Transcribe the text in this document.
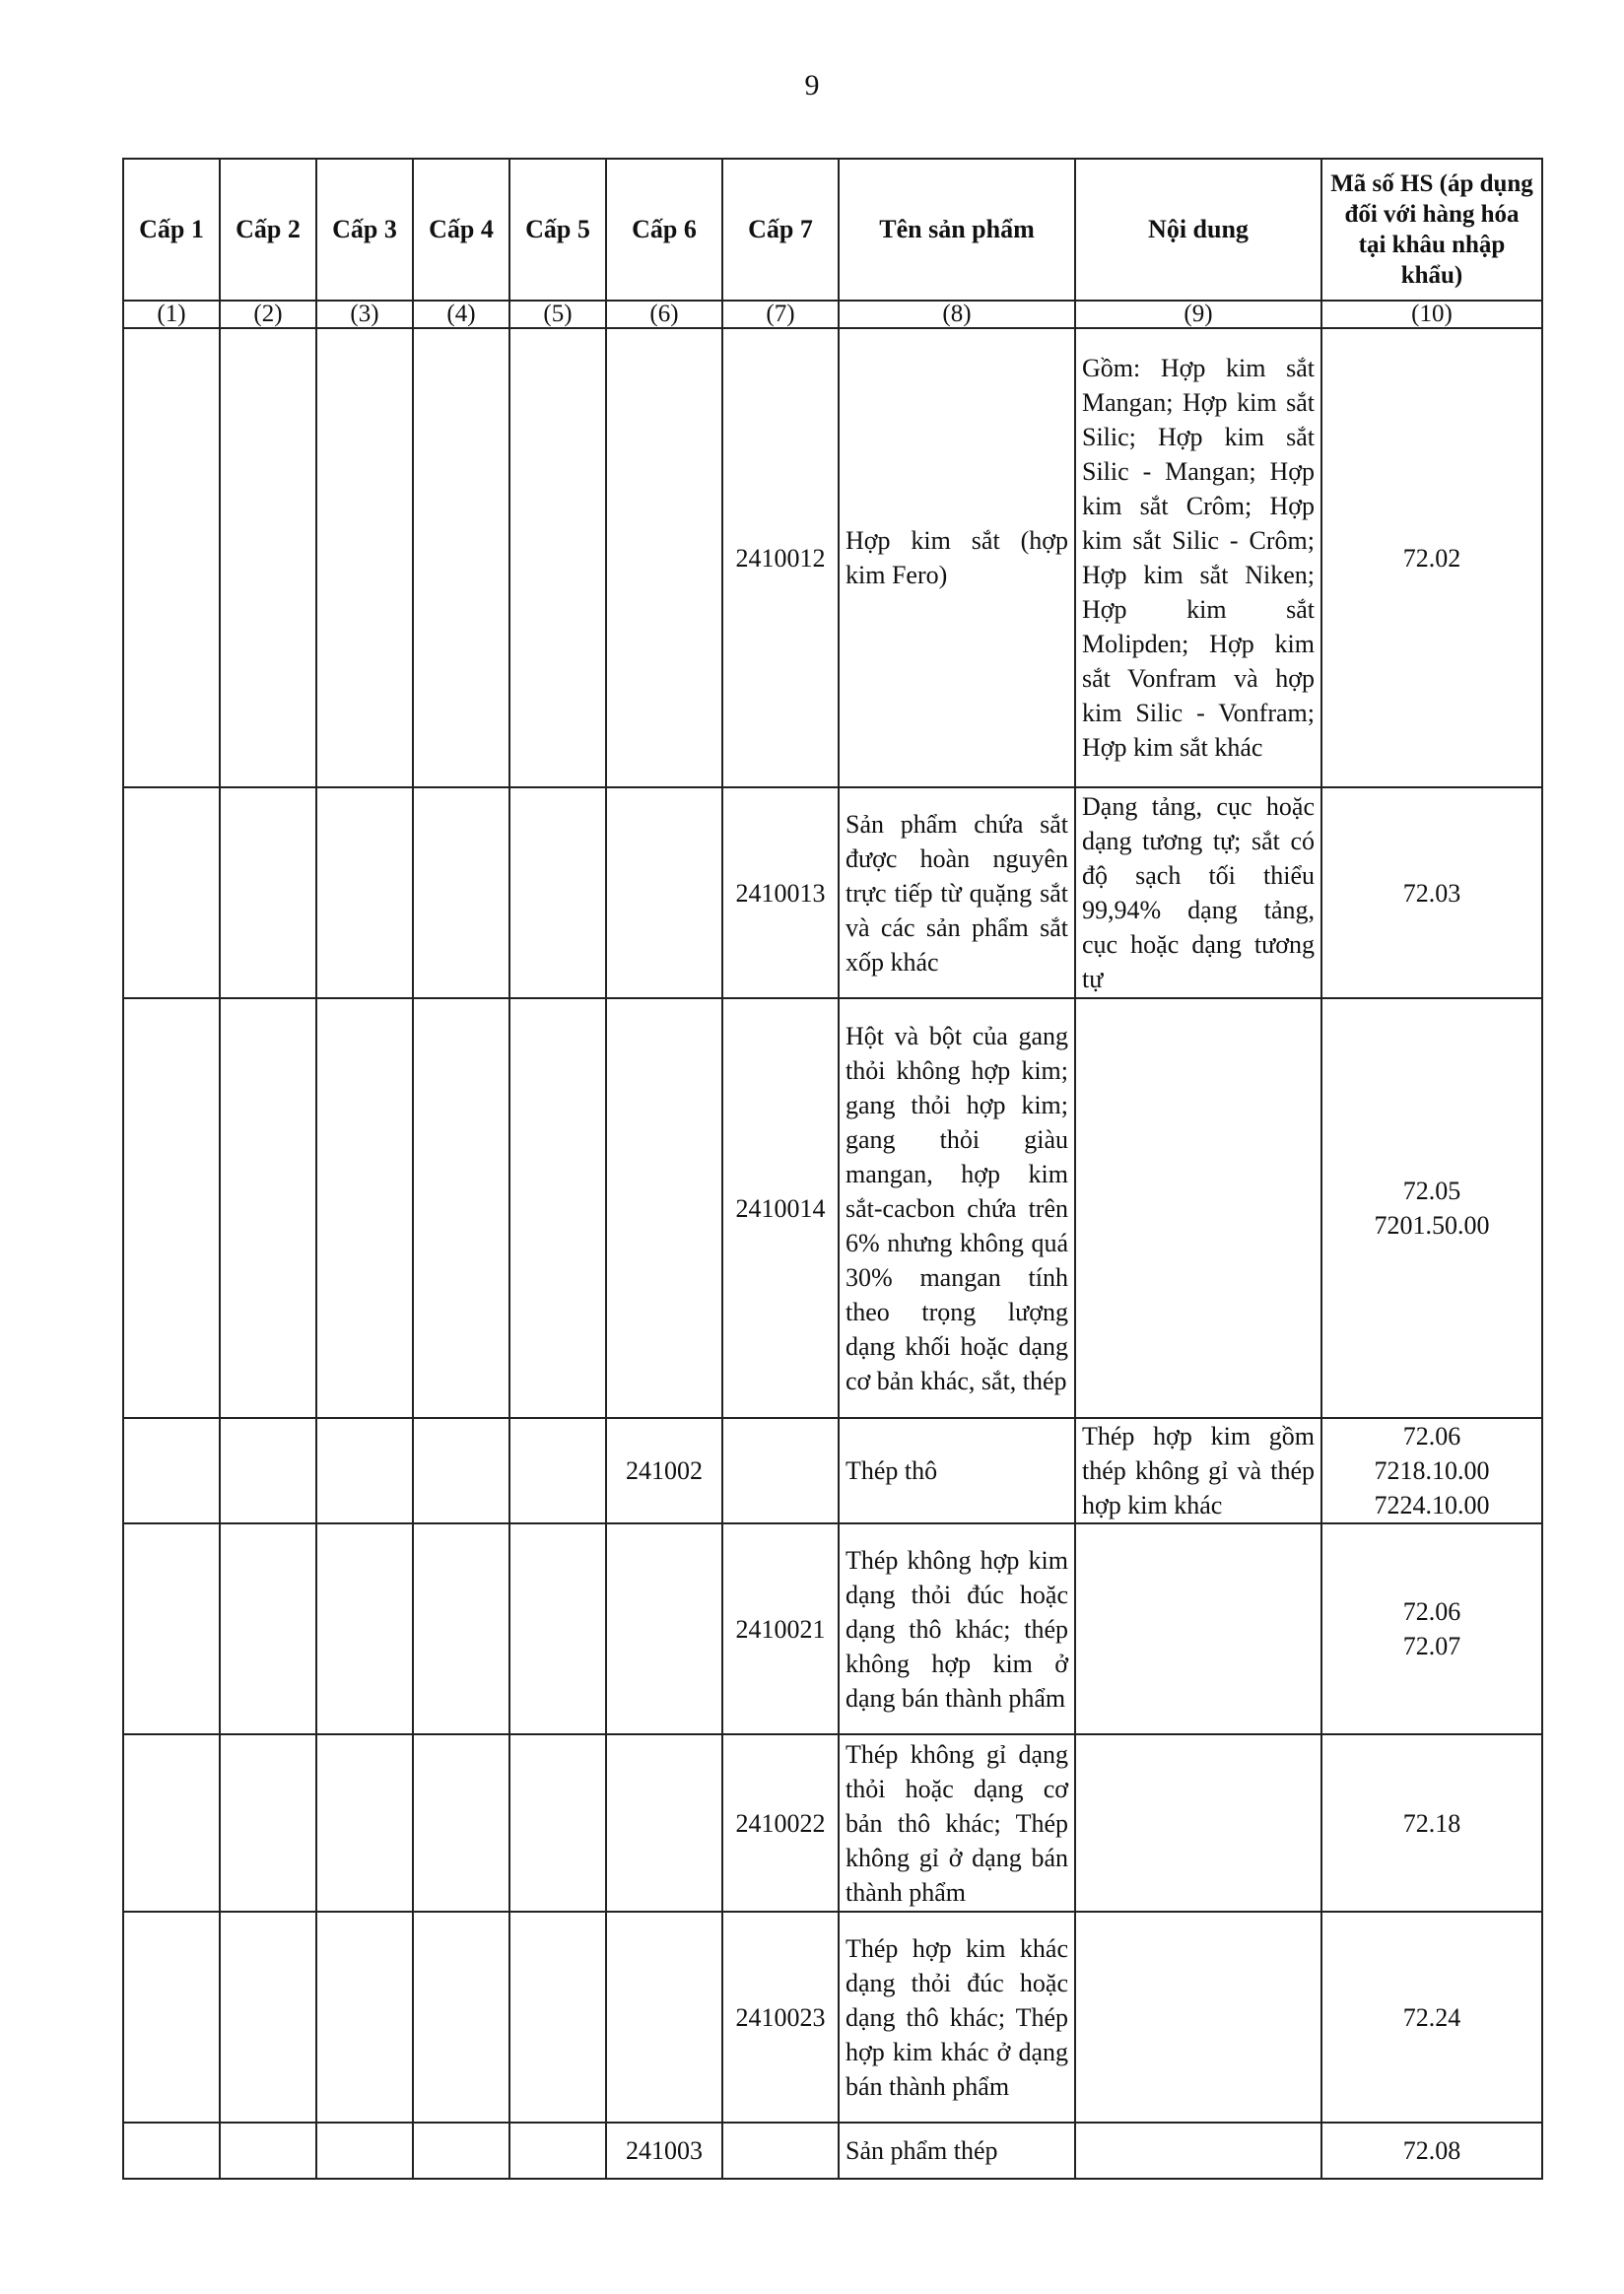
9
Cấp 1	Cấp 2	Cấp 3	Cấp 4	Cấp 5	Cấp 6	Cấp 7	Tên sản phẩm	Nội dung	Mã số HS (áp dụng đối với hàng hóa tại khâu nhập khẩu)
(1)	(2)	(3)	(4)	(5)	(6)	(7)	(8)	(9)	(10)
						2410012	Hợp kim sắt (hợp kim Fero)	Gồm: Hợp kim sắt Mangan; Hợp kim sắt Silic; Hợp kim sắt Silic - Mangan; Hợp kim sắt Crôm; Hợp kim sắt Silic - Crôm; Hợp kim sắt Niken; Hợp kim sắt Molipden; Hợp kim sắt Vonfram và hợp kim Silic - Vonfram; Hợp kim sắt khác	72.02

						2410013	Sản phẩm chứa sắt được hoàn nguyên trực tiếp từ quặng sắt và các sản phẩm sắt xốp khác	Dạng tảng, cục hoặc dạng tương tự; sắt có độ sạch tối thiểu 99,94% dạng tảng, cục hoặc dạng tương tự	72.03

						2410014	Hột và bột của gang thỏi không hợp kim; gang thỏi hợp kim; gang thỏi giàu mangan, hợp kim sắt-cacbon chứa trên 6% nhưng không quá 30% mangan tính theo trọng lượng dạng khối hoặc dạng cơ bản khác, sắt, thép		72.05
7201.50.00

					241002		Thép thô	Thép hợp kim gồm thép không gỉ và thép hợp kim khác	72.06
7218.10.00
7224.10.00

						2410021	Thép không hợp kim dạng thỏi đúc hoặc dạng thô khác; thép không hợp kim ở dạng bán thành phẩm		72.06
72.07

						2410022	Thép không gỉ dạng thỏi hoặc dạng cơ bản thô khác; Thép không gỉ ở dạng bán thành phẩm		72.18

						2410023	Thép hợp kim khác dạng thỏi đúc hoặc dạng thô khác; Thép hợp kim khác ở dạng bán thành phẩm		72.24

					241003		Sản phẩm thép		72.08
